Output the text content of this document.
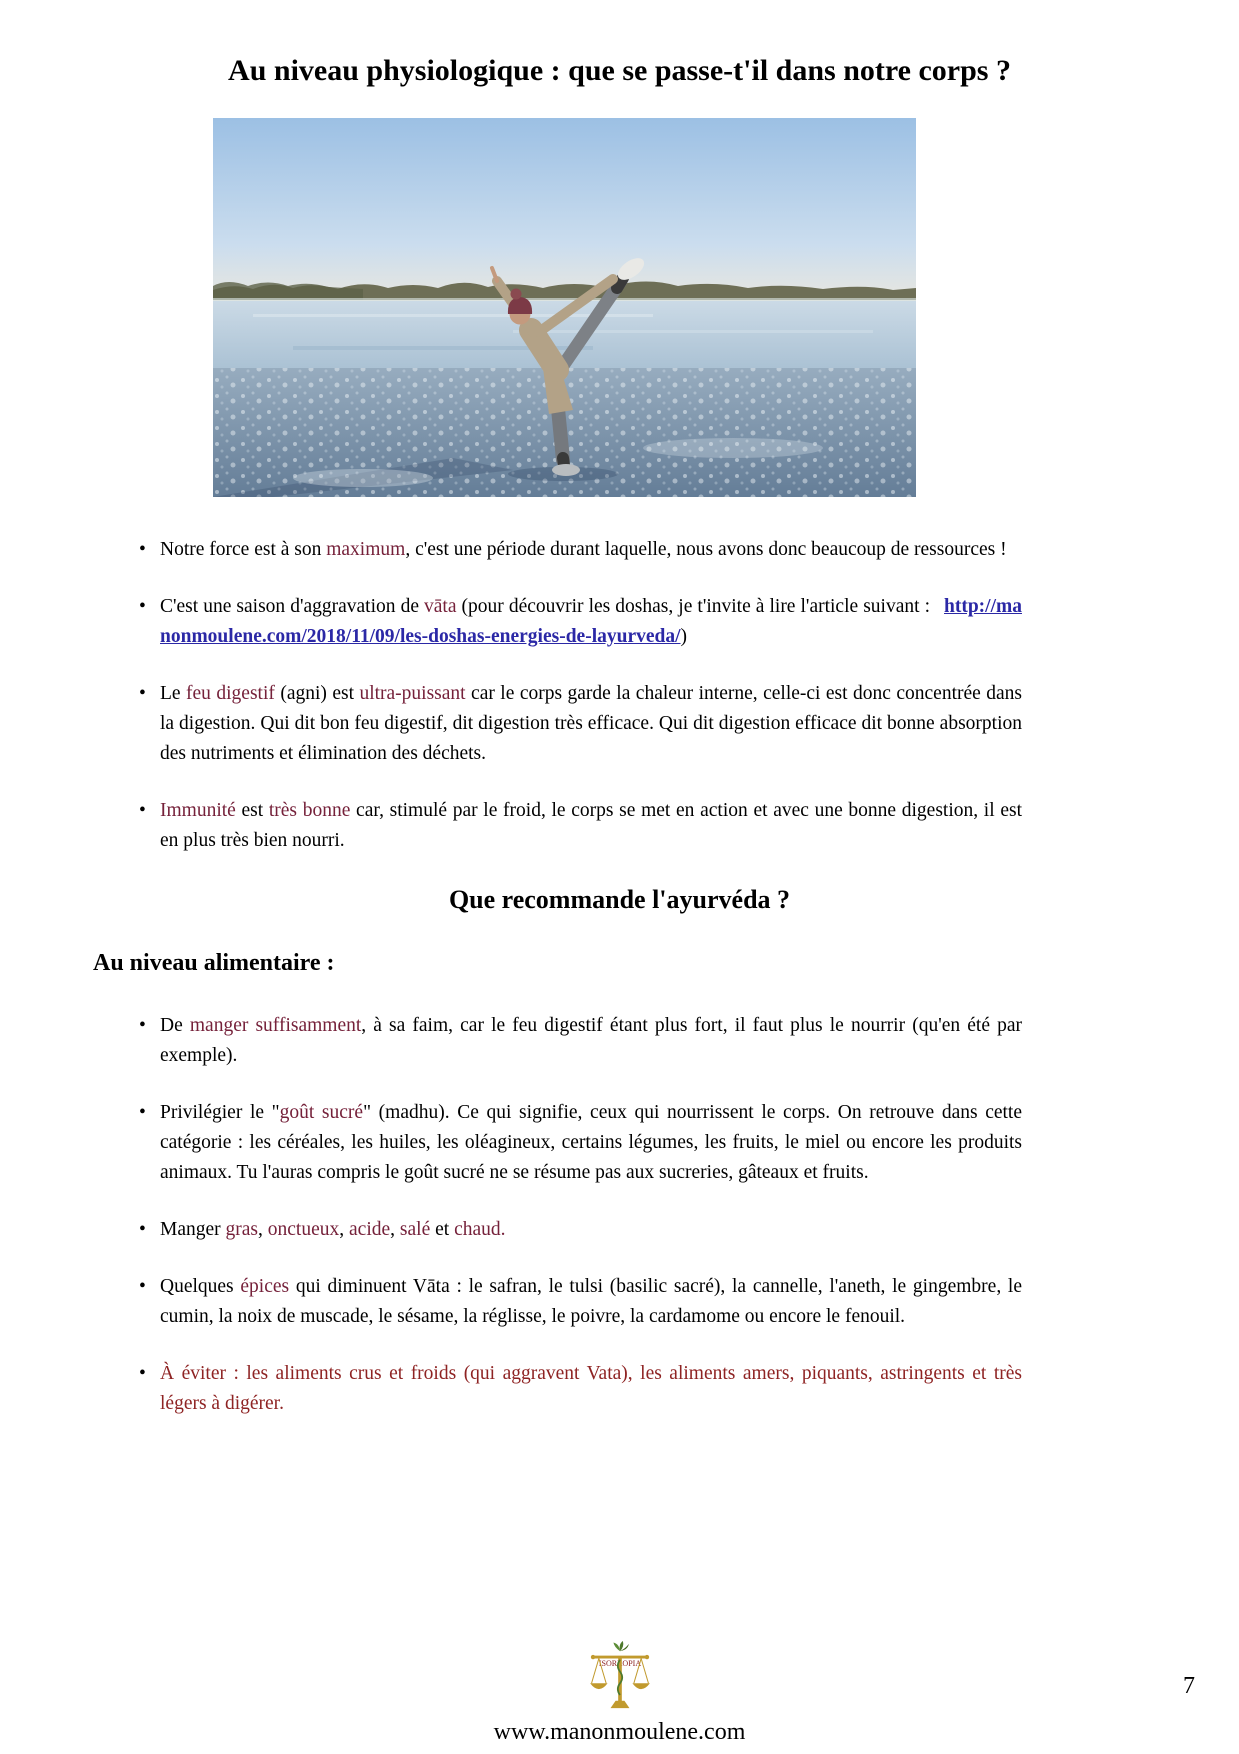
Au niveau physiologique : que se passe-t'il dans notre corps ?
• Notre force est à son maximum, c'est une période durant laquelle, nous avons donc beaucoup de ressources !
• C'est une saison d'aggravation de vāta (pour découvrir les doshas, je t'invite à lire l'article suivant : http://manonmoulene.com/2018/11/09/les-doshas-energies-de-layurveda/)
• Le feu digestif (agni) est ultra-puissant car le corps garde la chaleur interne, celle-ci est donc concentrée dans la digestion. Qui dit bon feu digestif, dit digestion très efficace. Qui dit digestion efficace dit bonne absorption des nutriments et élimination des déchets.
• Immunité est très bonne car, stimulé par le froid, le corps se met en action et avec une bonne digestion, il est en plus très bien nourri.
Que recommande l'ayurvéda ?
Au niveau alimentaire :
• De manger suffisamment, à sa faim, car le feu digestif étant plus fort, il faut plus le nourrir (qu'en été par exemple).
• Privilégier le "goût sucré" (madhu). Ce qui signifie, ceux qui nourrissent le corps. On retrouve dans cette catégorie : les céréales, les huiles, les oléagineux, certains légumes, les fruits, le miel ou encore les produits animaux. Tu l'auras compris le goût sucré ne se résume pas aux sucreries, gâteaux et fruits.
• Manger gras, onctueux, acide, salé et chaud.
• Quelques épices qui diminuent Vāta : le safran, le tulsi (basilic sacré), la cannelle, l'aneth, le gingembre, le cumin, la noix de muscade, le sésame, la réglisse, le poivre, la cardamome ou encore le fenouil.
• À éviter : les aliments crus et froids (qui aggravent Vata), les aliments amers, piquants, astringents et très légers à digérer.
www.manonmoulene.com
7
